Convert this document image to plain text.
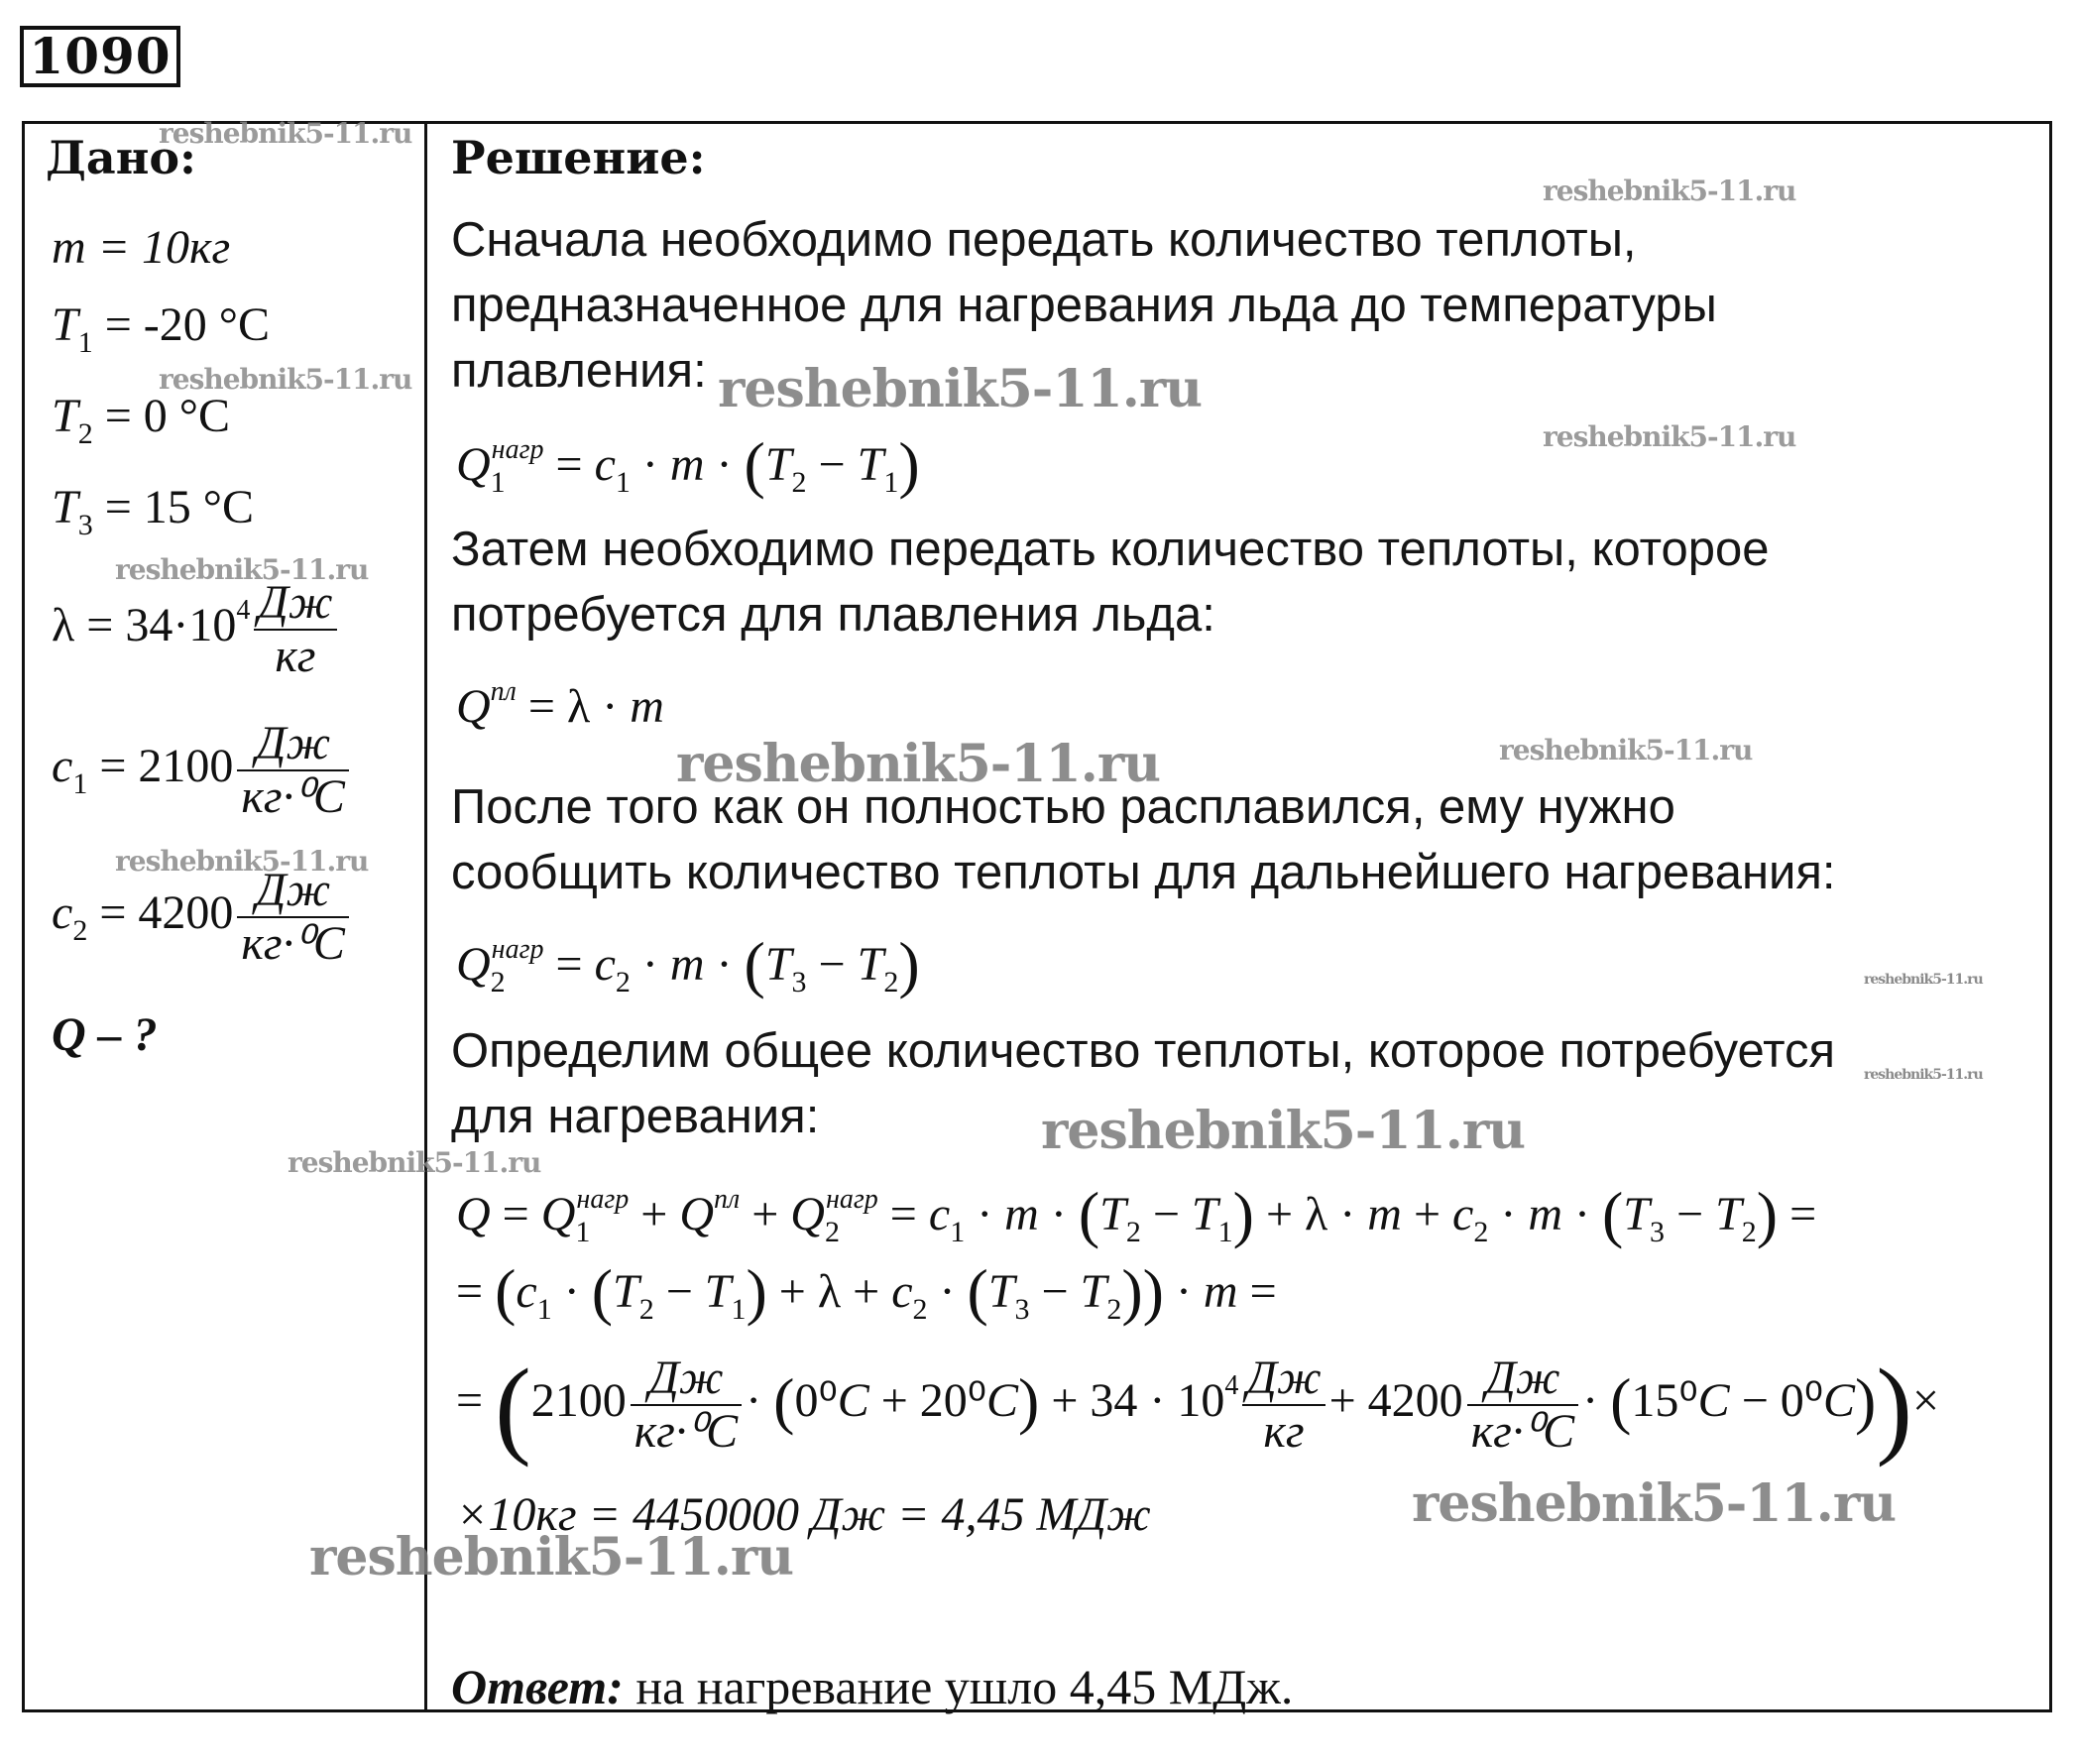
1090
Дано:
m = 10кг
$T_1 = -20$ °C
$T_2 = 0$ °C
$T_3 = 15$ °C
$\lambda = 34\cdot 10^4 \frac{Дж}{кг}$
$c_1 = 2100 \frac{Дж}{\text{кг·⁰C}}$
$c_2 = 4200 \frac{Дж}{\text{кг·⁰C}}$
Q – ?
Решение:
Сначала необходимо передать количество теплоты,
предназначенное для нагревания льда до температуры
плавления:
$Q_1^{нагр} = c_1 \cdot m \cdot (T_2 - T_1)$
Затем необходимо передать количество теплоты, которое
потребуется для плавления льда:
$Q^{пл} = \lambda \cdot m$
После того как он полностью расплавился, ему нужно
сообщить количество теплоты для дальнейшего нагревания:
$Q_2^{нагр} = c_2 \cdot m \cdot (T_3 - T_2)$
Определим общее количество теплоты, которое потребуется
для нагревания:
$Q = Q_1^{нагр} + Q^{пл} + Q_2^{нагр} = c_1 \cdot m \cdot (T_2 - T_1) + \lambda \cdot m + c_2 \cdot m \cdot (T_3 - T_2)$ =
= $(c_1 \cdot (T_2 - T_1) + \lambda + c_2 \cdot (T_3 - T_2)) \cdot m$ =
= $(2100 \frac{Дж}{\text{кг·⁰C}} \cdot (0^0C + 20^0C) + 34 \cdot 10^4 \frac{Дж}{кг} + 4200 \frac{Дж}{\text{кг·⁰C}} \cdot (15^0C - 0^0C))\times$
×10кг = 4450000 Дж = 4,45 МДж
Ответ: на нагревание ушло 4,45 МДж.
reshebnik5-11.ru
reshebnik5-11.ru
reshebnik5-11.ru	reshebnik5-11.ru
reshebnik5-11.ru
reshebnik5-11.ru
reshebnik5-11.ru	reshebnik5-11.ru
reshebnik5-11.ru
reshebnik5-11.ru
reshebnik5-11.ru
reshebnik5-11.ru
reshebnik5-11.ru
reshebnik5-11.ru
reshebnik5-11.ru
